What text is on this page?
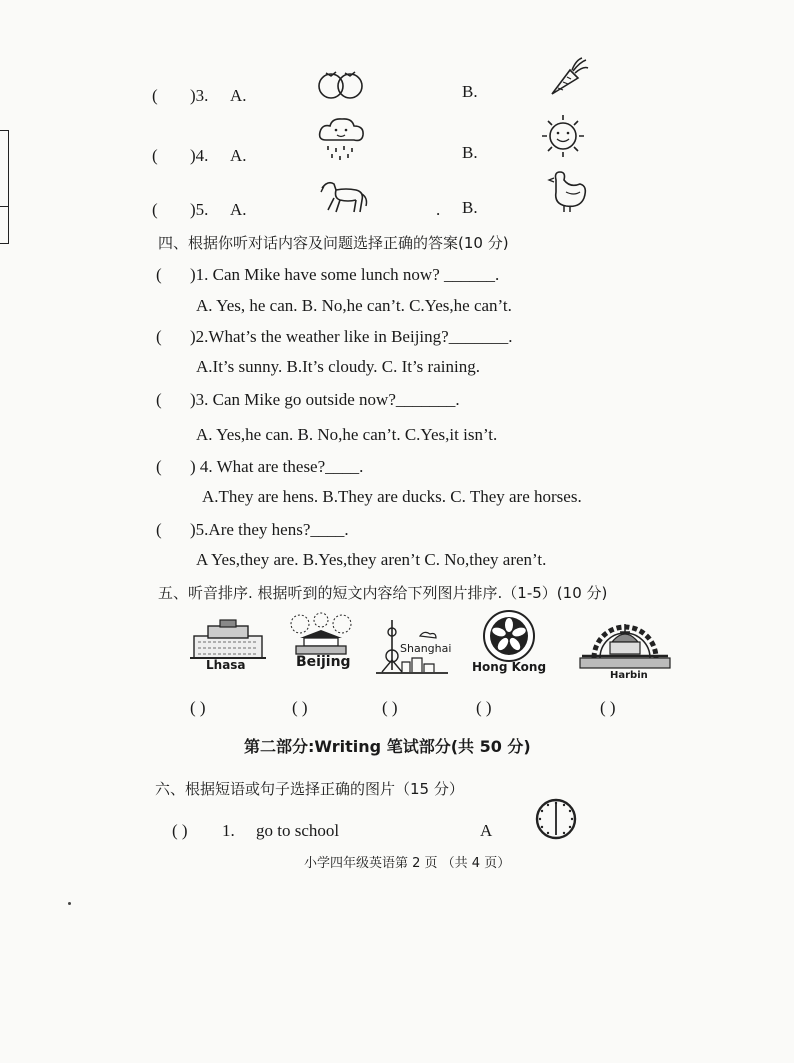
( )3. A.	B.
( )4. A.	B.
( )5. A.	. B.
四、根据你听对话内容及问题选择正确的答案(10 分)
( )1. Can Mike have some lunch now? ______.
A. Yes, he can. B. No,he can’t. C.Yes,he can’t.
( )2.What’s the weather like in Beijing?_______.
A.It’s sunny. B.It’s cloudy. C. It’s raining.
( )3. Can Mike go outside now?_______.
A. Yes,he can. B. No,he can’t. C.Yes,it isn’t.
( ) 4. What are these?____.
A.They are hens. B.They are ducks. C. They are horses.
( )5.Are they hens?____.
A Yes,they are. B.Yes,they aren’t C. No,they aren’t.
五、听音排序. 根据听到的短文内容给下列图片排序.（1-5）(10 分)
Lhasa	Beijing
Shanghai
Hong Kong
Harbin
( )	( )	( )	( )	( )
第二部分:Writing 笔试部分(共 50 分)
六、根据短语或句子选择正确的图片（15 分）
( ) 1. go to school	A
小学四年级英语第 2 页 （共 4 页）
